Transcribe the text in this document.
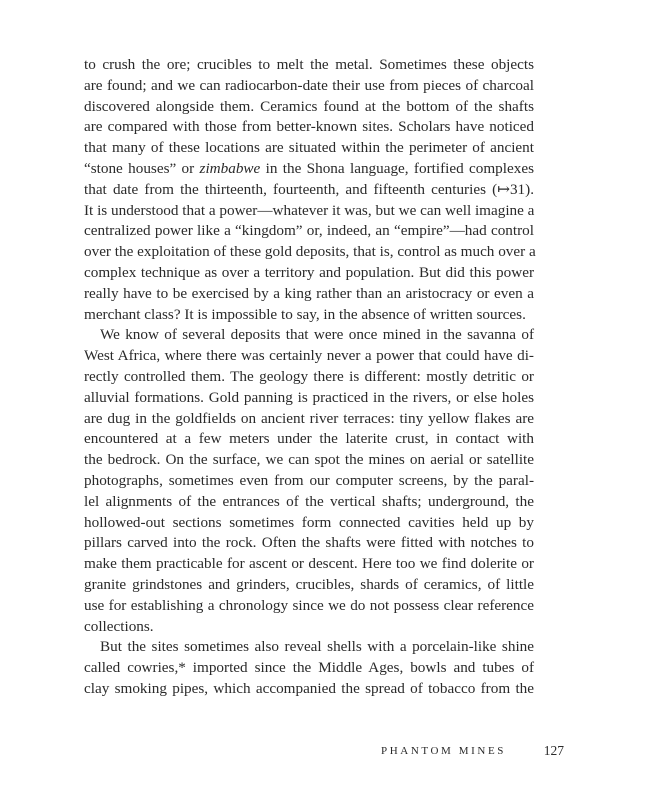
to crush the ore; crucibles to melt the metal. Sometimes these objects
are found; and we can radiocarbon-date their use from pieces of charcoal
discovered alongside them. Ceramics found at the bottom of the shafts
are compared with those from better-known sites. Scholars have noticed
that many of these locations are situated within the perimeter of ancient
“stone houses” or zimbabwe in the Shona language, fortified complexes
that date from the thirteenth, fourteenth, and fifteenth centuries (↦31).
It is understood that a power—whatever it was, but we can well imagine a
centralized power like a “kingdom” or, indeed, an “empire”—had control
over the exploitation of these gold deposits, that is, control as much over a
complex technique as over a territory and population. But did this power
really have to be exercised by a king rather than an aristocracy or even a
merchant class? It is impossible to say, in the absence of written sources.
We know of several deposits that were once mined in the savanna of
West Africa, where there was certainly never a power that could have di-
rectly controlled them. The geology there is different: mostly detritic or
alluvial formations. Gold panning is practiced in the rivers, or else holes
are dug in the goldfields on ancient river terraces: tiny yellow flakes are
encountered at a few meters under the laterite crust, in contact with
the bedrock. On the surface, we can spot the mines on aerial or satellite
photographs, sometimes even from our computer screens, by the paral-
lel alignments of the entrances of the vertical shafts; underground, the
hollowed-out sections sometimes form connected cavities held up by
pillars carved into the rock. Often the shafts were fitted with notches to
make them practicable for ascent or descent. Here too we find dolerite or
granite grindstones and grinders, crucibles, shards of ceramics, of little
use for establishing a chronology since we do not possess clear reference
collections.
But the sites sometimes also reveal shells with a porcelain-like shine
called cowries,* imported since the Middle Ages, bowls and tubes of
clay smoking pipes, which accompanied the spread of tobacco from the
PHANTOM MINES	127
